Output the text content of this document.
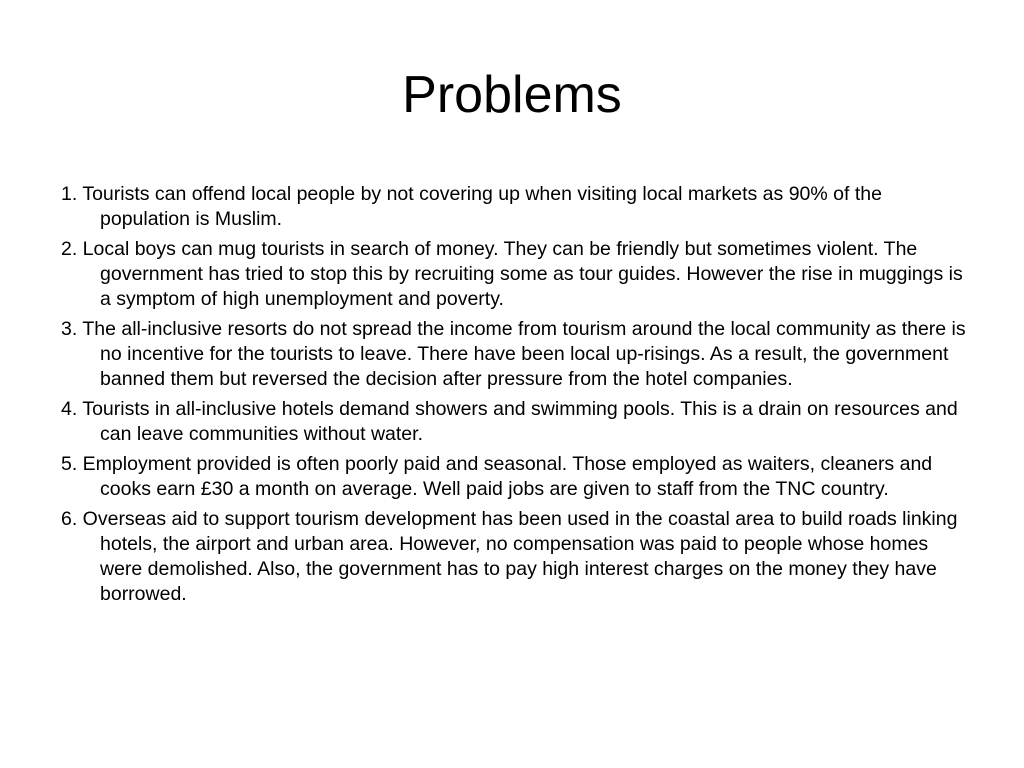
Problems
1. Tourists can offend local people by not covering up when visiting local markets as 90% of the population is Muslim.
2. Local boys can mug tourists in search of money. They can be friendly but sometimes violent. The government has tried to stop this by recruiting some as tour guides. However the rise in muggings is a symptom of high unemployment and poverty.
3. The all-inclusive resorts do not spread the income from tourism around the local community as there is no incentive for the tourists to leave. There have been local up-risings. As a result, the government banned them but reversed the decision after pressure from the hotel companies.
4. Tourists in all-inclusive hotels demand showers and swimming pools. This is a drain on resources and can leave communities without water.
5. Employment provided is often poorly paid and seasonal. Those employed as waiters, cleaners and cooks earn £30 a month on average. Well paid jobs are given to staff from the TNC country.
6. Overseas aid to support tourism development has been used in the coastal area to build roads linking hotels, the airport and urban area. However, no compensation was paid to people whose homes were demolished. Also, the government has to pay high interest charges on the money they have borrowed.
